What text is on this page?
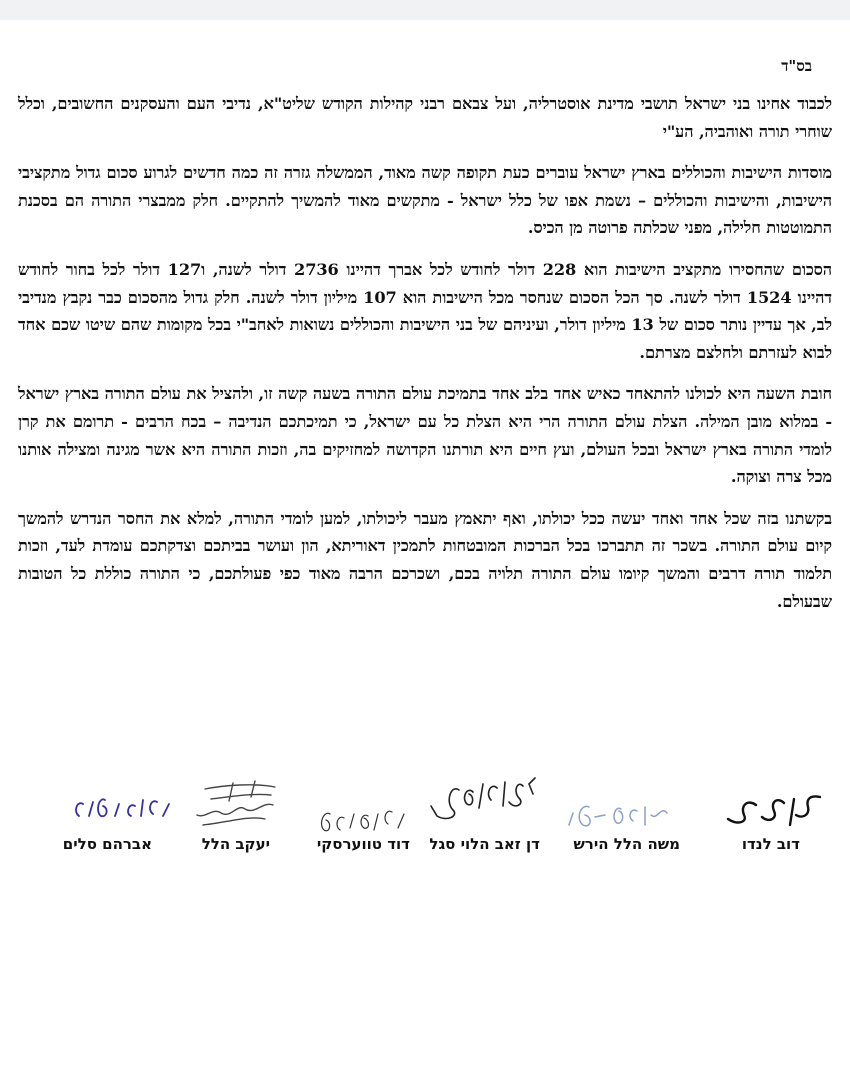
בס"ד

לכבוד אחינו בני ישראל תושבי מדינת אוסטרליה, ועל צבאם רבני קהילות הקודש שליט"א, נדיבי העם והעסקנים החשובים, וכלל שוחרי תורה ואוהביה, הע"י

מוסדות הישיבות והכוללים בארץ ישראל עוברים כעת תקופה קשה מאוד, הממשלה גזרה זה כמה חדשים לגרוע סכום גדול מתקציבי הישיבות, והישיבות והכוללים – נשמת אפו של כלל ישראל - מתקשים מאוד להמשיך להתקיים. חלק ממבצרי התורה הם בסכנת התמוטטות חלילה, מפני שכלתה פרוטה מן הכיס.

הסכום שהחסירו מתקציב הישיבות הוא 228 דולר לחודש לכל אברך דהיינו 2736 דולר לשנה, ו127 דולר לכל בחור לחודש דהיינו 1524 דולר לשנה. סך הכל הסכום שנחסר מכל הישיבות הוא 107 מיליון דולר לשנה. חלק גדול מהסכום כבר נקבץ מנדיבי לב, אך עדיין נותר סכום של 13 מיליון דולר, ועיניהם של בני הישיבות והכוללים נשואות לאחב"י בכל מקומות שהם שיטו שכם אחד לבוא לעזרתם ולחלצם מצרתם.

חובת השעה היא לכולנו להתאחד כאיש אחד בלב אחד בתמיכת עולם התורה בשעה קשה זו, ולהציל את עולם התורה בארץ ישראל - במלוא מובן המילה. הצלת עולם התורה הרי היא הצלת כל עם ישראל, כי תמיכתכם הנדיבה – בכח הרבים - תרומם את קרן לומדי התורה בארץ ישראל ובכל העולם, ועץ חיים היא תורתנו הקדושה למחזיקים בה, וזכות התורה היא אשר מגינה ומצילה אותנו מכל צרה וצוקה.

בקשתנו בזה שכל אחד ואחד יעשה ככל יכולתו, ואף יתאמץ מעבר ליכולתו, למען לומדי התורה, למלא את החסר הנדרש להמשך קיום עולם התורה. בשכר זה תתברכו בכל הברכות המובטחות לתמכין דאוריתא, הון ועושר בביתכם וצדקתכם עומדת לעד, וזכות תלמוד תורה דרבים והמשך קיומו עולם התורה תלויה בכם, ושכרכם הרבה מאוד כפי פעולתכם, כי התורה כוללת כל הטובות שבעולם.

דוב לנדו
משה הלל הירש
דן זאב הלוי סגל
דוד טווערסקי
יעקב הלל
אברהם סלים
